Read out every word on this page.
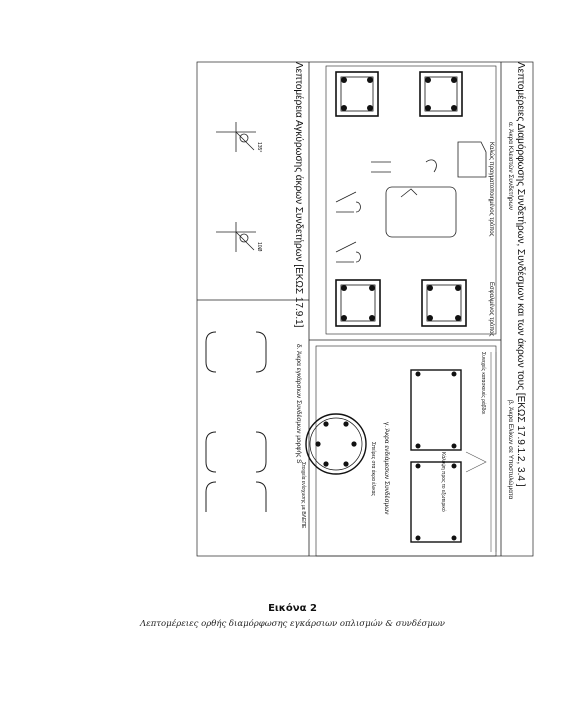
Λεπτομέρειες Διαμόρφωσης Συνδετήρων, Συνδέσμων και των άκρων τους [ΕΚΩΣ 17.9.1.2, 3.4 ]
α. Άκρα Κλειστών Συνδετήρων
β. Άκρα Ελίκων σε Υποστυλώματα
γ. Άκρα ενδιάμεσων Συνδέσμων
δ. Άκρα εγκάρσιων Συνδέσμων μορφής S
Λεπτομέρεια Αγκύρωσης άκρων Συνδετήρων [ΕΚΩΣ 17.9.1]	Καλώς πραγματοποιημένος τρόπος
Εσφαλμένος τρόπος
Συνεχείς κατασκευές ράβδοι
Κάλυψη προς το εξωτερικό
Στοιχεία ενίσχυσης με ΒΛΕΠΕ
135°
10Ø
Σπείρες στα άκρα έλικας
Εικόνα 2
Λεπτομέρειες ορθής διαμόρφωσης εγκάρσιων οπλισμών & συνδέσμων
